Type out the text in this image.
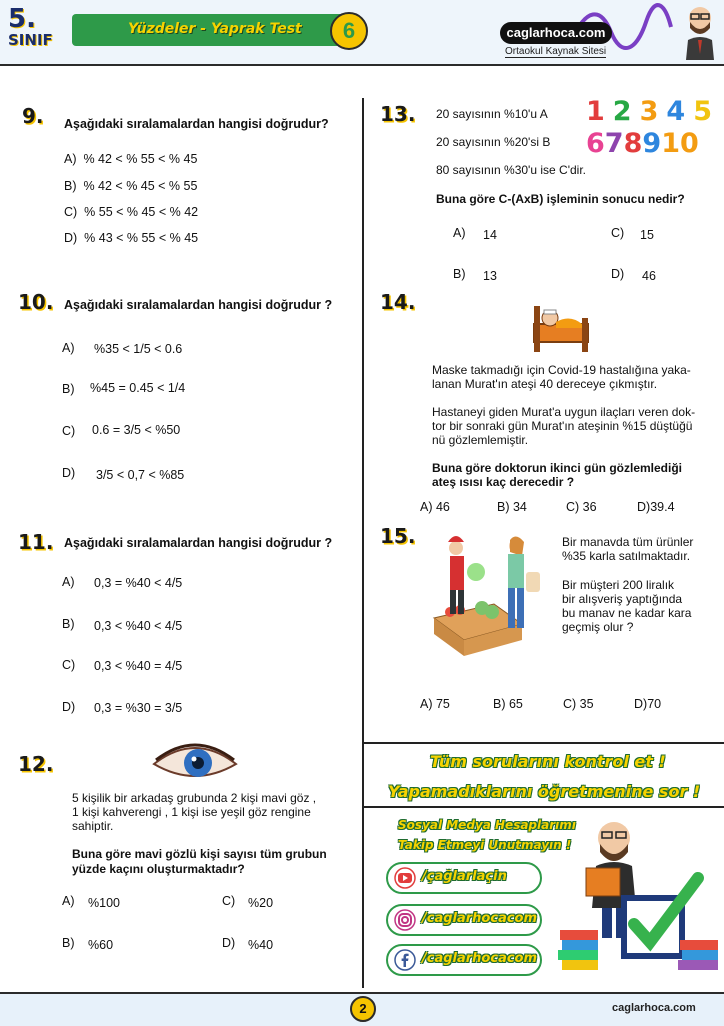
5.
SINIF
Yüzdeler - Yaprak Test	6	caglarhoca.com
Ortaokul Kaynak Sitesi
9. Aşağıdaki sıralamalardan hangisi doğrudur?
A) % 42 < % 55 < % 45
B) % 42 < % 45 < % 55
C) % 55 < % 45 < % 42
D) % 43 < % 55 < % 45
10. Aşağıdaki sıralamalardan hangisi doğrudur ?
A) %35 < 1/5 < 0.6
B) %45 = 0.45 < 1/4
C) 0.6 = 3/5 < %50
D) 3/5 < 0,7 < %85
11. Aşağıdaki sıralamalardan hangisi doğrudur ?
A) 0,3 = %40 < 4/5
B) 0,3 < %40 < 4/5
C) 0,3 < %40 = 4/5
D) 0,3 = %30 = 3/5
12.
5 kişilik bir arkadaş grubunda 2 kişi mavi göz ,
1 kişi kahverengi , 1 kişi ise yeşil göz rengine
sahiptir.
Buna göre mavi gözlü kişi sayısı tüm grubun
yüzde kaçını oluşturmaktadır?
A) %100	C) %20
B) %60	D) %40
13. 20 sayısının %10'u A
20 sayısının %20'si B
80 sayısının %30'u ise C'dir.
1 2 3 4 5
678910
Buna göre C-(AxB) işleminin sonucu nedir?
A) 14	C) 15
B) 13	D) 46
14.
Maske takmadığı için Covid-19 hastalığına yaka-
lanan Murat'ın ateşi 40 dereceye çıkmıştır.
Hastaneyi giden Murat'a uygun ilaçları veren dok-
tor bir sonraki gün Murat'ın ateşinin %15 düştüğü
nü gözlemlemiştir.
Buna göre doktorun ikinci gün gözlemlediği
ateş ısısı kaç derecedir ?
A) 46	B) 34	C) 36	D)39.4
15.	Bir manavda tüm ürünler
%35 karla satılmaktadır.
Bir müşteri 200 liralık
bir alışveriş yaptığında
bu manav ne kadar kara
geçmiş olur ?
A) 75	B) 65	C) 35	D)70
Tüm sorularını kontrol et !
Yapamadıklarını öğretmenine sor !
Sosyal Medya Hesaplarımı
Takip Etmeyi Unutmayın !
/çağlarlaçin
/caglarhocacom
/caglarhocacom
2	caglarhoca.com
